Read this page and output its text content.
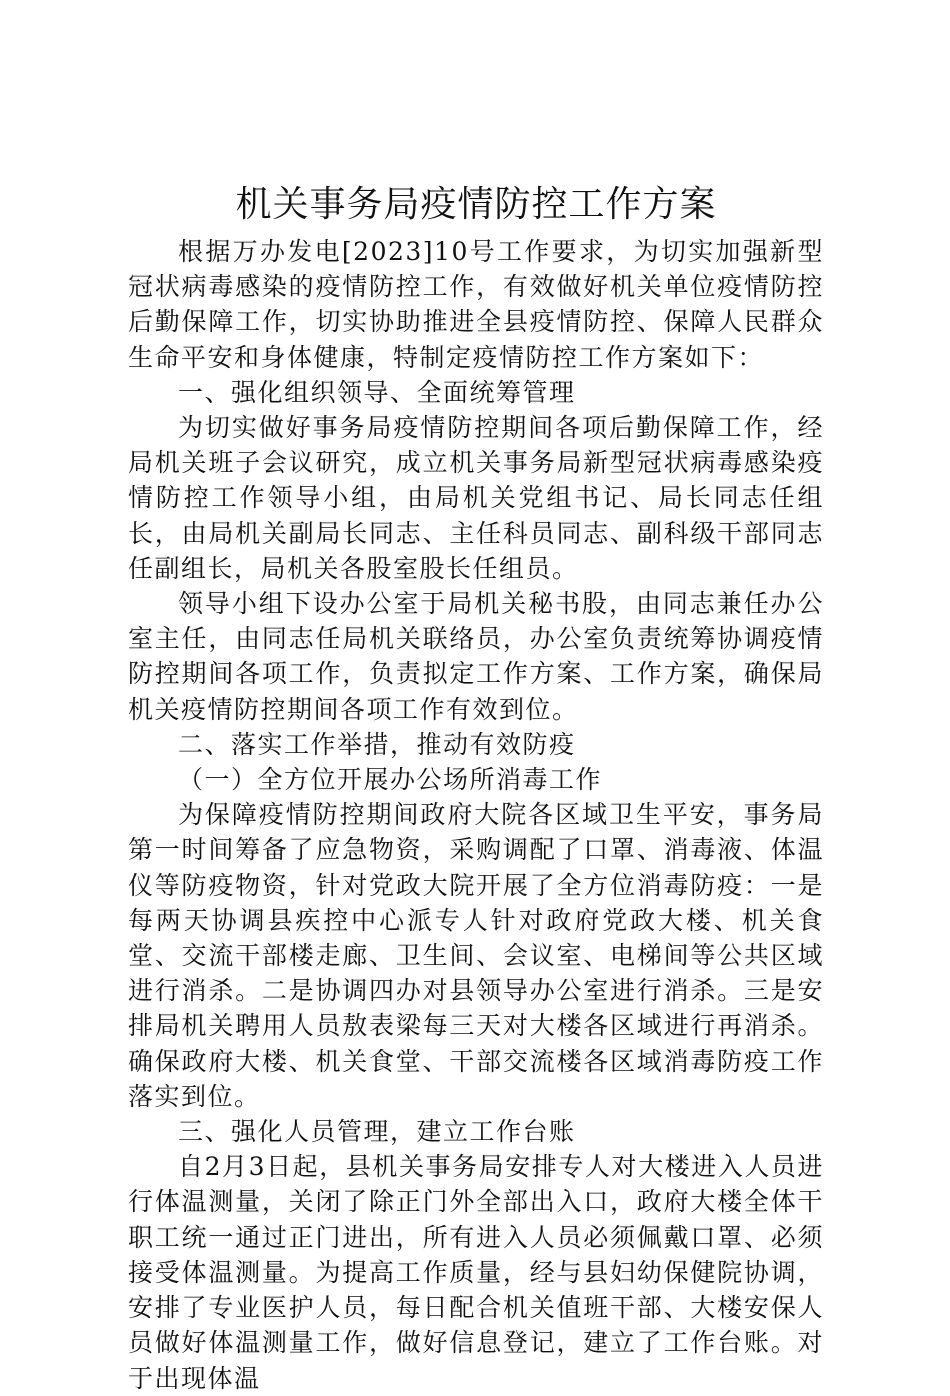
机关事务局疫情防控工作方案

根据万办发电[2023]10号工作要求，为切实加强新型冠状病毒感染的疫情防控工作，有效做好机关单位疫情防控后勤保障工作，切实协助推进全县疫情防控、保障人民群众生命平安和身体健康，特制定疫情防控工作方案如下：

一、强化组织领导、全面统筹管理

为切实做好事务局疫情防控期间各项后勤保障工作，经局机关班子会议研究，成立机关事务局新型冠状病毒感染疫情防控工作领导小组，由局机关党组书记、局长同志任组长，由局机关副局长同志、主任科员同志、副科级干部同志任副组长，局机关各股室股长任组员。

领导小组下设办公室于局机关秘书股，由同志兼任办公室主任，由同志任局机关联络员，办公室负责统筹协调疫情防控期间各项工作，负责拟定工作方案、工作方案，确保局机关疫情防控期间各项工作有效到位。

二、落实工作举措，推动有效防疫

（一）全方位开展办公场所消毒工作

为保障疫情防控期间政府大院各区域卫生平安，事务局第一时间筹备了应急物资，采购调配了口罩、消毒液、体温仪等防疫物资，针对党政大院开展了全方位消毒防疫：一是每两天协调县疾控中心派专人针对政府党政大楼、机关食堂、交流干部楼走廊、卫生间、会议室、电梯间等公共区域进行消杀。二是协调四办对县领导办公室进行消杀。三是安排局机关聘用人员敖表梁每三天对大楼各区域进行再消杀。确保政府大楼、机关食堂、干部交流楼各区域消毒防疫工作落实到位。

三、强化人员管理，建立工作台账

自2月3日起，县机关事务局安排专人对大楼进入人员进行体温测量，关闭了除正门外全部出入口，政府大楼全体干职工统一通过正门进出，所有进入人员必须佩戴口罩、必须接受体温测量。为提高工作质量，经与县妇幼保健院协调，安排了专业医护人员，每日配合机关值班干部、大楼安保人员做好体温测量工作，做好信息登记，建立了工作台账。对于出现体温
